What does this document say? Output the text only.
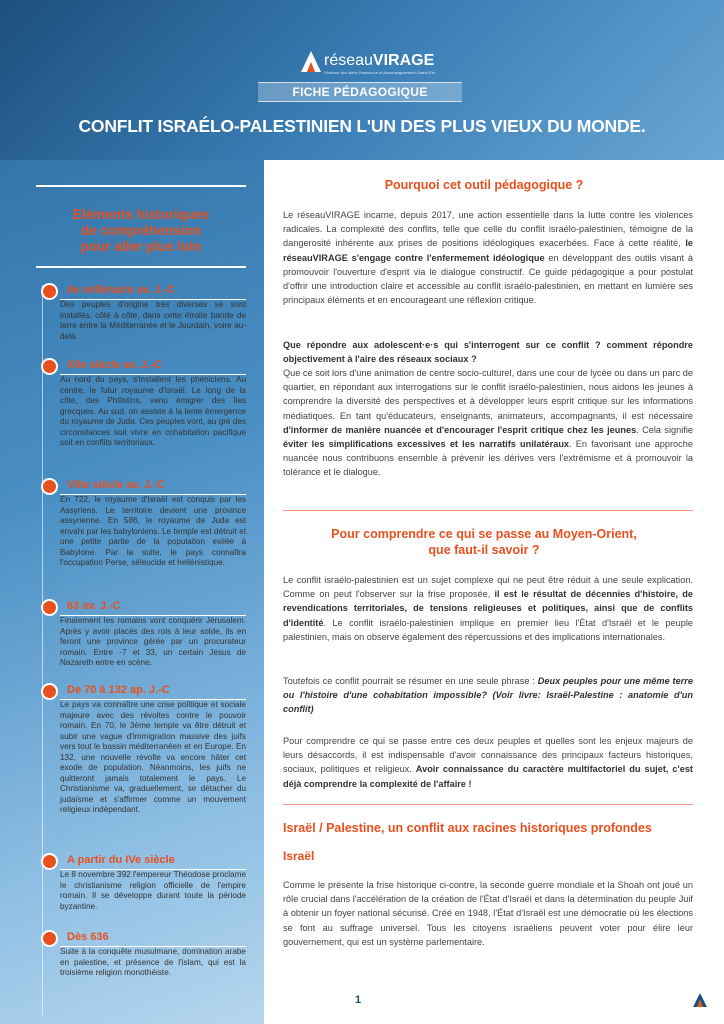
réseauVIRAGE
Violence des Idées Ressource et Accompagnement Grand-Est
FICHE PÉDAGOGIQUE
CONFLIT ISRAÉLO-PALESTINIEN L'UN DES PLUS VIEUX DU MONDE.
Eléments historiques de compréhension pour aller plus loin
IIe millénaire av. J.-C
Des peuples d'origine très diverses se sont installés, côté à côte, dans cette étroite bande de terre entre la Méditerranée et le Jourdain, voire au-delà.
XIIe siècle av. J.-C
Au nord du pays, s'installent les phéniciens. Au centre, le futur royaume d'Israël. Le long de la côte, des Philistins, venu émigrer des îles grecques. Au sud, on assiste à la lente émergence du royaume de Juda. Ces peuples vont, au gré des circonstances soit vivre en cohabitation pacifique soit en conflits territoriaux.
VIIIe siècle av. J.-C
En 722, le royaume d'Israël est conquis par les Assyriens. Le territoire devient une province assyrienne. En 586, le royaume de Juda est envahi par les babyloniens. Le temple est détruit et une petite partie de la population exilée à Babylone. Par la suite, le pays connaîtra l'occupation Perse, séleucide et hellénistique.
63 av. J.-C
Finalement les romains vont conquérir Jérusalem. Après y avoir placés des rois à leur solde, ils en feront une province gérée par un procurateur romain. Entre -7 et 33, un certain Jésus de Nazareth entre en scène.
De 70 à 132 ap. J.-C
Le pays va connaître une crise politique et sociale majeure avec des révoltes contre le pouvoir romain. En 70, le 3ème temple va être détruit et subir une vague d'immigration massive des juifs vers tout le bassin méditerranéen et en Europe. En 132, une nouvelle révolte va encore hâter cet exode de population. Néanmoins, les juifs ne quitteront jamais totalement le pays. Le Christianisme va, graduellement, se détacher du judaïsme et s'affirmer comme un mouvement religieux indépendant.
A partir du IVe siècle
Le 8 novembre 392 l'empereur Théodose proclame le christianisme religion officielle de l'empire romain. Il se développe durant toute la période byzantine.
Dès 636
Suite à la conquête musulmane, domination arabe en palestine, et présence de l'islam, qui est la troisième religion monothéiste.
Pourquoi cet outil pédagogique ?
Le réseauVIRAGE incarne, depuis 2017, une action essentielle dans la lutte contre les violences radicales. La complexité des conflits, telle que celle du conflit israélo-palestinien, témoigne de la dangerosité inhérente aux prises de positions idéologiques exacerbées. Face à cette réalité, le réseauVIRAGE s'engage contre l'enfermement idéologique en développant des outils visant à promouvoir l'ouverture d'esprit via le dialogue constructif. Ce guide pédagogique a pour postulat d'offrir une introduction claire et accessible au conflit israélo-palestinien, en mettant en lumière ses principaux éléments et en encourageant une réflexion critique.
Que répondre aux adolescent·e·s qui s'interrogent sur ce conflit ? comment répondre objectivement à l'aire des réseaux sociaux ?
Que ce soit lors d'une animation de centre socio-culturel, dans une cour de lycée ou dans un parc de quartier, en répondant aux interrogations sur le conflit israélo-palestinien, nous aidons les jeunes à comprendre la diversité des perspectives et à développer leurs esprit critique sur les informations médiatiques. En tant qu'éducateurs, enseignants, animateurs, accompagnants, il est nécessaire d'informer de manière nuancée et d'encourager l'esprit critique chez les jeunes. Cela signifie éviter les simplifications excessives et les narratifs unilatéraux. En favorisant une approche nuancée nous contribuons ensemble à prévenir les dérives vers l'extrémisme et à promouvoir la tolérance et le dialogue.
Pour comprendre ce qui se passe au Moyen-Orient,
que faut-il savoir ?
Le conflit israélo-palestinien est un sujet complexe qui ne peut être réduit à une seule explication. Comme on peut l'observer sur la frise proposée, il est le résultat de décennies d'histoire, de revendications territoriales, de tensions religieuses et politiques, ainsi que de conflits d'identité. Le conflit israélo-palestinien implique en premier lieu l'État d'Israël et le peuple palestinien, mais on observe également des répercussions et des implications internationales.
Toutefois ce conflit pourrait se résumer en une seule phrase : Deux peuples pour une même terre ou l'histoire d'une cohabitation impossible? (Voir livre: Israël-Palestine : anatomie d'un conflit)
Pour comprendre ce qui se passe entre ces deux peuples et quelles sont les enjeux majeurs de leurs désaccords, il est indispensable d'avoir connaissance des principaux facteurs historiques, sociaux, politiques et religieux. Avoir connaissance du caractère multifactoriel du sujet, c'est déjà comprendre la complexité de l'affaire !
Israël / Palestine, un conflit aux racines historiques profondes
Israël
Comme le présente la frise historique ci-contre, la seconde guerre mondiale et la Shoah ont joué un rôle crucial dans l'accélération de la création de l'État d'Israël et dans la détermination du peuple Juif à obtenir un foyer national sécurisé. Créé en 1948, l'État d'Israël est une démocratie où les élections se font au suffrage universel. Tous les citoyens israéliens peuvent voter pour élire leur gouvernement, qui est un système parlementaire.
1
